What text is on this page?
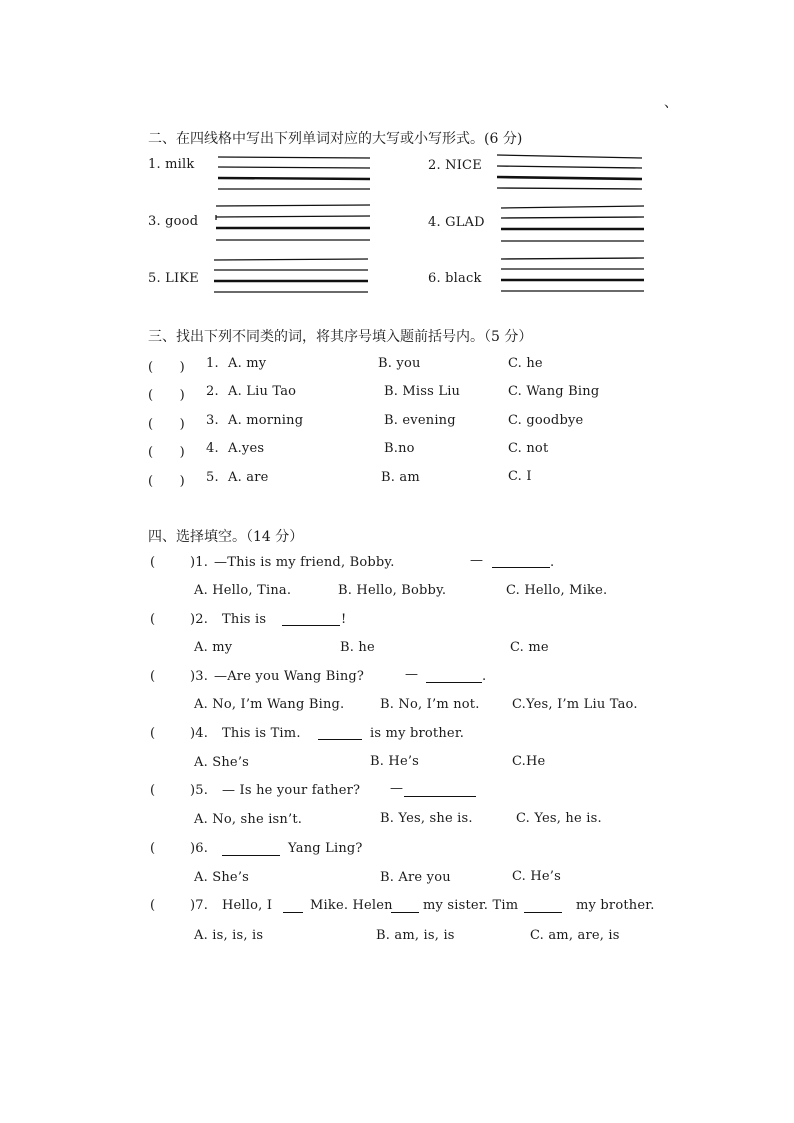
、
二、在四线格中写出下列单词对应的大写或小写形式。(6 分)
1. milk	2. NICE
3. good	4. GLAD
5. LIKE	6. black
三、找出下列不同类的词，将其序号填入题前括号内。（5 分）
(　　) 1. A. my	B. you	C. he
(　　) 2. A. Liu Tao	B. Miss Liu	C. Wang Bing
(　　) 3. A. morning	B. evening	C. goodbye
(　　) 4. A.yes	B.no	C. not
(　　) 5. A. are	B. am	C. I
四、选择填空。（14 分）
(	)1. —This is my friend, Bobby.	—	.
A. Hello, Tina.	B. Hello, Bobby.	C. Hello, Mike.
(	)2. This is	!
A. my	B. he	C. me
(	)3. —Are you Wang Bing?	—	.
A. No, I’m Wang Bing.	B. No, I’m not. C.Yes, I’m Liu Tao.
(	)4. This is Tim.	is my brother.
A. She’s	B. He’s	C.He
(	)5. — Is he your father? —
A. No, she isn’t.	B. Yes, she is.	C. Yes, he is.
(	)6.	Yang Ling?
A. She’s	B. Are you	C. He’s
(	)7. Hello, I	Mike. Helen my sister. Tim	my brother.
A. is, is, is	B. am, is, is	C. am, are, is
